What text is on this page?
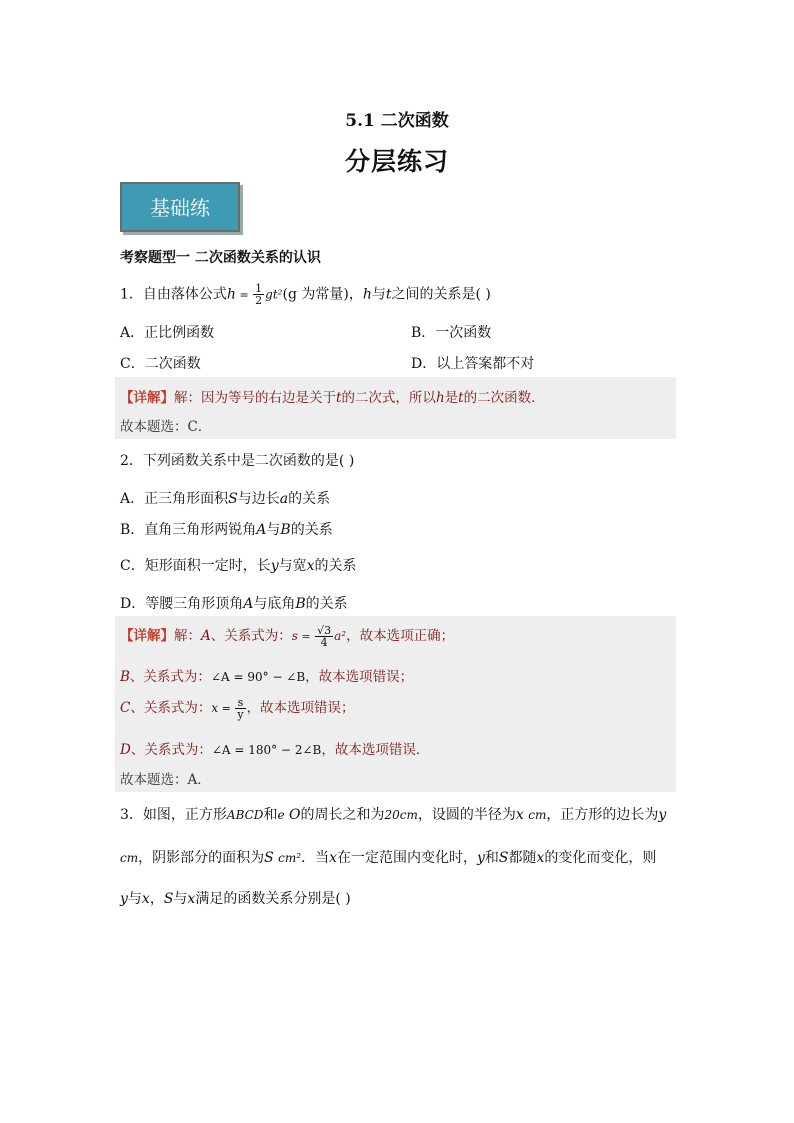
5.1 二次函数
分层练习
基础练
考察题型一 二次函数关系的认识
1．自由落体公式$h = \frac{1}{2} gt^2(g$ 为常量)，h与t之间的关系是( )
A．正比例函数	B．一次函数
C．二次函数	D．以上答案都不对
【详解】解：因为等号的右边是关于t的二次式，所以h是t的二次函数．
故本题选：C．
2．下列函数关系中是二次函数的是( )
A．正三角形面积S与边长a的关系
B．直角三角形两锐角A与B的关系
C．矩形面积一定时，长y与宽x的关系
D．等腰三角形顶角A与底角B的关系
【详解】解：A、关系式为：$s = \frac{√3}{4} a^2$，故本选项正确；
B、关系式为：∠A = 90° − ∠B，故本选项错误；
C、关系式为：$x = \frac{s}{y}$ ，故本选项错误；
D、关系式为：∠A = 180° − 2∠B，故本选项错误．
故本题选：A．
3．如图，正方形ABCD和e O的周长之和为20cm，设圆的半径为x cm，正方形的边长为y
cm，阴影部分的面积为S cm²．当x在一定范围内变化时，y和S都随x的变化而变化，则
y与x，S与x满足的函数关系分别是( )
